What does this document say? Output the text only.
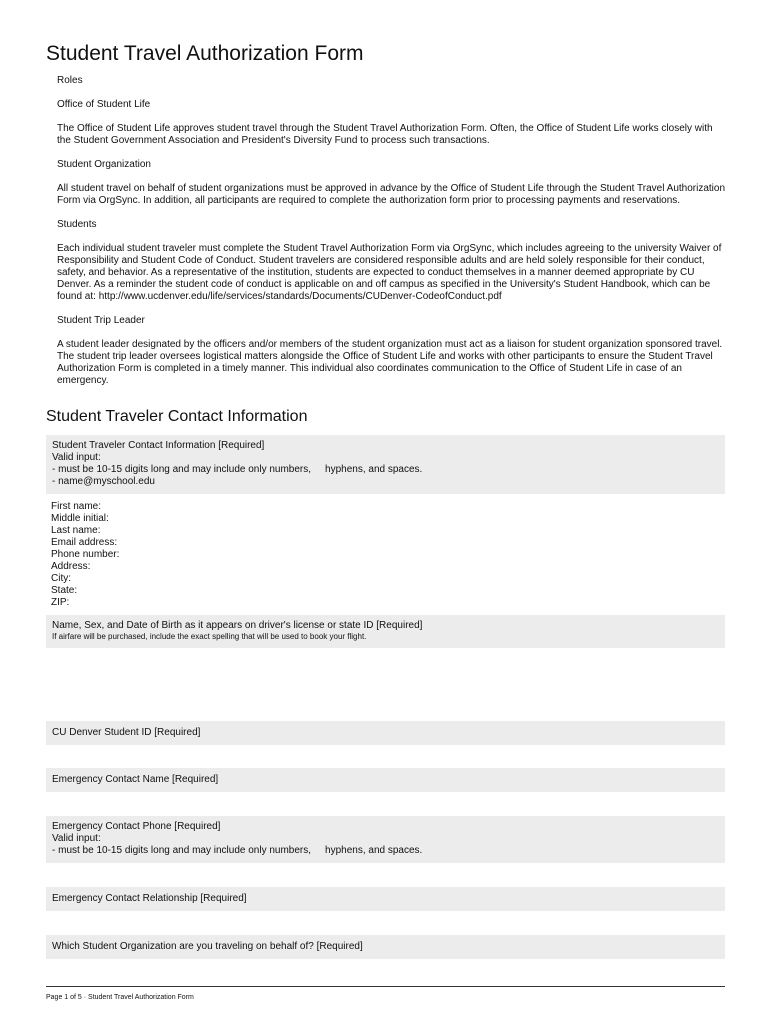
Student Travel Authorization Form

Roles

Office of Student Life

The Office of Student Life approves student travel through the Student Travel Authorization Form. Often, the Office of Student Life works closely with the Student Government Association and President's Diversity Fund to process such transactions.

Student Organization

All student travel on behalf of student organizations must be approved in advance by the Office of Student Life through the Student Travel Authorization Form via OrgSync. In addition, all participants are required to complete the authorization form prior to processing payments and reservations.

Students

Each individual student traveler must complete the Student Travel Authorization Form via OrgSync, which includes agreeing to the university Waiver of Responsibility and Student Code of Conduct. Student travelers are considered responsible adults and are held solely responsible for their conduct, safety, and behavior. As a representative of the institution, students are expected to conduct themselves in a manner deemed appropriate by CU Denver. As a reminder the student code of conduct is applicable on and off campus as specified in the University's Student Handbook, which can be found at: http://www.ucdenver.edu/life/services/standards/Documents/CUDenver-CodeofConduct.pdf

Student Trip Leader

A student leader designated by the officers and/or members of the student organization must act as a liaison for student organization sponsored travel. The student trip leader oversees logistical matters alongside the Office of Student Life and works with other participants to ensure the Student Travel Authorization Form is completed in a timely manner. This individual also coordinates communication to the Office of Student Life in case of an emergency.

Student Traveler Contact Information
Student Traveler Contact Information [Required]
Valid input:
- must be 10-15 digits long and may include only numbers, hyphens, and spaces.
- name@myschool.edu
First name:
Middle initial:
Last name:
Email address:
Phone number:
Address:
City:
State:
ZIP:
Name, Sex, and Date of Birth as it appears on driver's license or state ID [Required]
If airfare will be purchased, include the exact spelling that will be used to book your flight.
CU Denver Student ID [Required]
Emergency Contact Name [Required]
Emergency Contact Phone [Required]
Valid input:
- must be 10-15 digits long and may include only numbers, hyphens, and spaces.
Emergency Contact Relationship [Required]
Which Student Organization are you traveling on behalf of? [Required]
Page 1 of 5 · Student Travel Authorization Form
